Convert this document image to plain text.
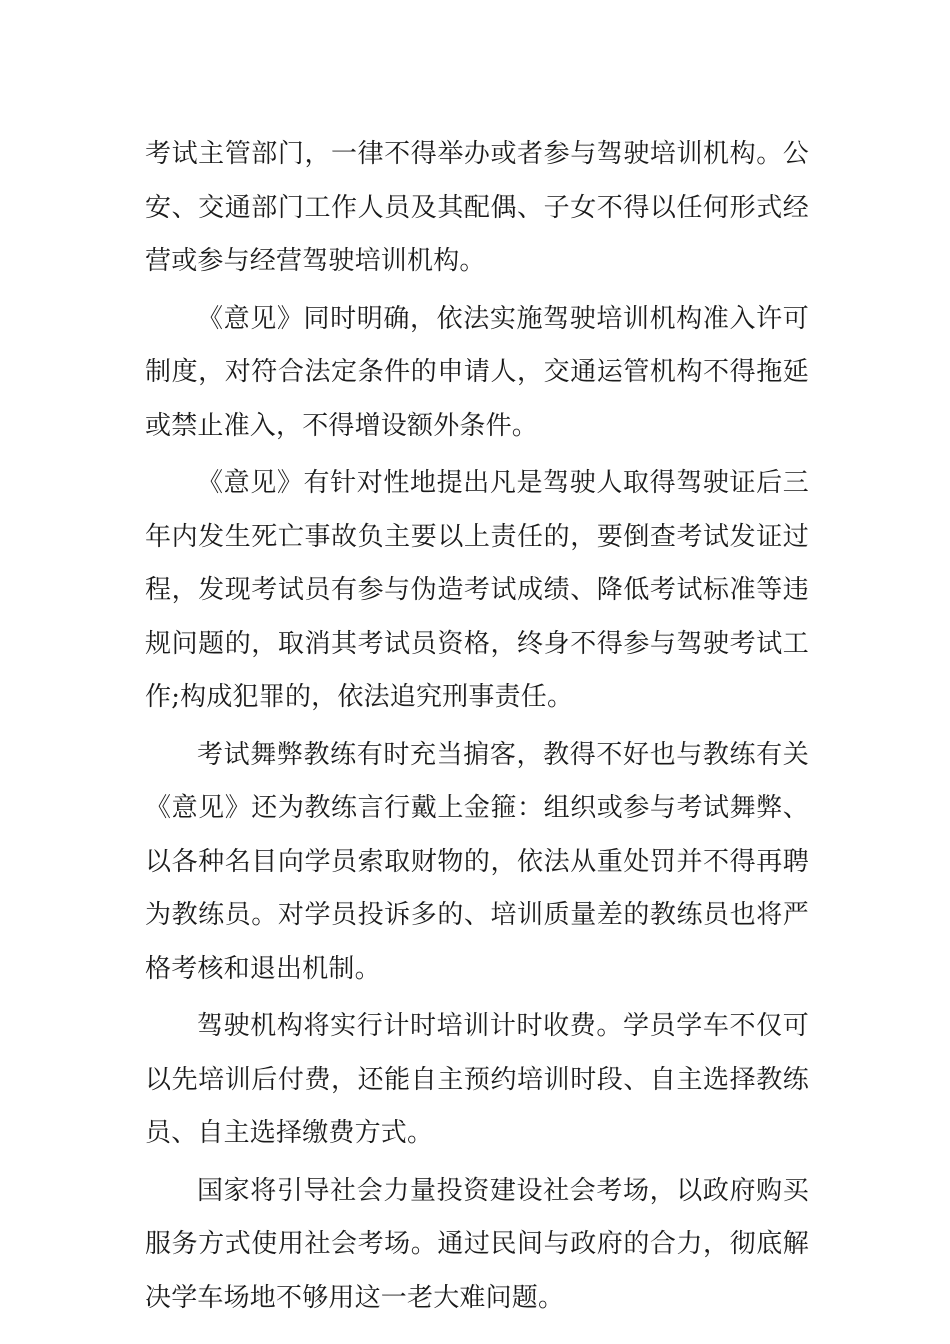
考试主管部门，一律不得举办或者参与驾驶培训机构。公安、交通部门工作人员及其配偶、子女不得以任何形式经营或参与经营驾驶培训机构。

《意见》同时明确，依法实施驾驶培训机构准入许可制度，对符合法定条件的申请人，交通运管机构不得拖延或禁止准入，不得增设额外条件。

《意见》有针对性地提出凡是驾驶人取得驾驶证后三年内发生死亡事故负主要以上责任的，要倒查考试发证过程，发现考试员有参与伪造考试成绩、降低考试标准等违规问题的，取消其考试员资格，终身不得参与驾驶考试工作;构成犯罪的，依法追究刑事责任。

考试舞弊教练有时充当掮客，教得不好也与教练有关《意见》还为教练言行戴上金箍：组织或参与考试舞弊、以各种名目向学员索取财物的，依法从重处罚并不得再聘为教练员。对学员投诉多的、培训质量差的教练员也将严格考核和退出机制。

驾驶机构将实行计时培训计时收费。学员学车不仅可以先培训后付费，还能自主预约培训时段、自主选择教练员、自主选择缴费方式。

国家将引导社会力量投资建设社会考场，以政府购买服务方式使用社会考场。通过民间与政府的合力，彻底解决学车场地不够用这一老大难问题。
